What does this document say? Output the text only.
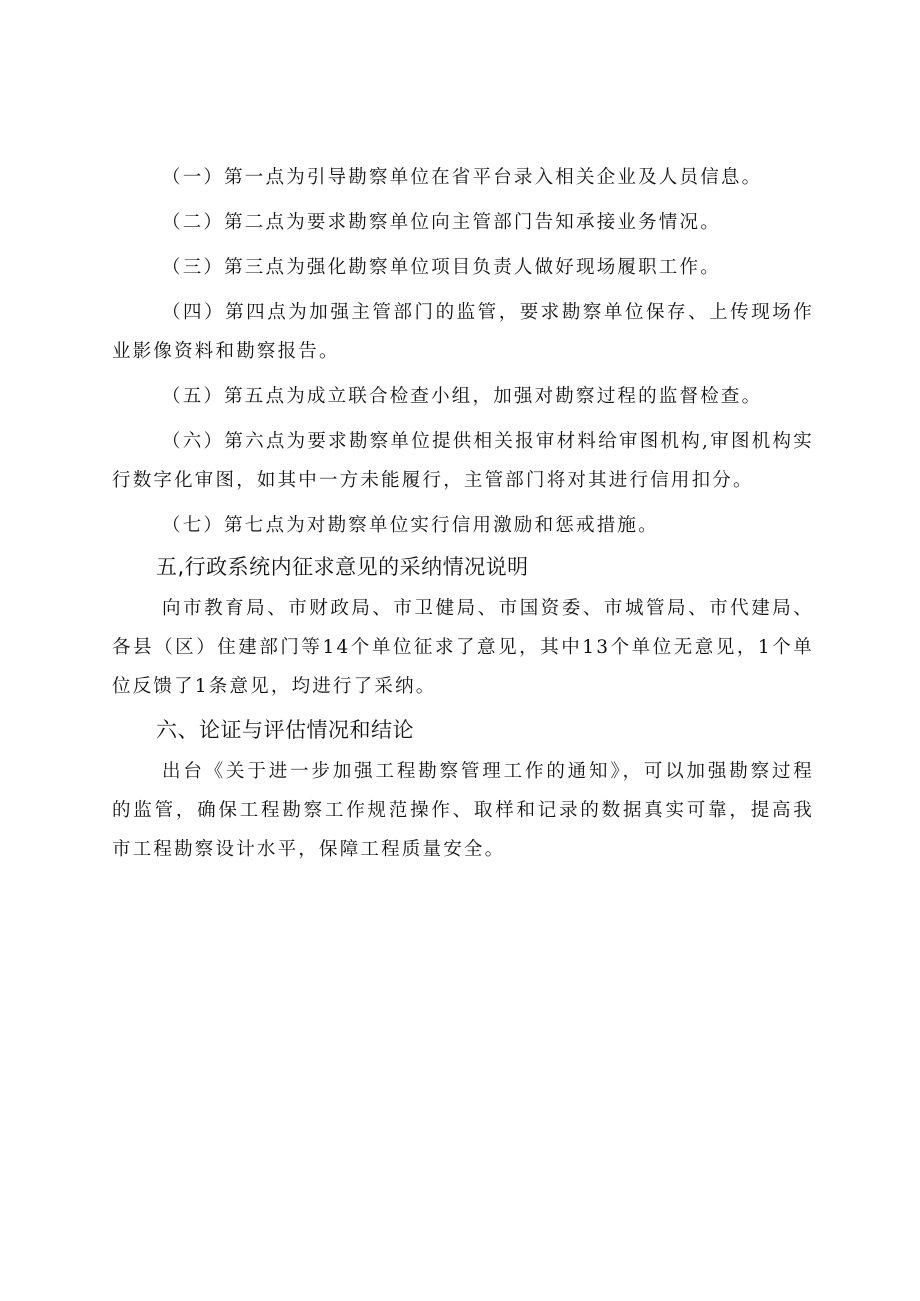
（一）第一点为引导勘察单位在省平台录入相关企业及人员信息。

（二）第二点为要求勘察单位向主管部门告知承接业务情况。

（三）第三点为强化勘察单位项目负责人做好现场履职工作。

（四）第四点为加强主管部门的监管，要求勘察单位保存、上传现场作业影像资料和勘察报告。

（五）第五点为成立联合检查小组，加强对勘察过程的监督检查。

（六）第六点为要求勘察单位提供相关报审材料给审图机构,审图机构实行数字化审图，如其中一方未能履行，主管部门将对其进行信用扣分。

（七）第七点为对勘察单位实行信用激励和惩戒措施。

五,行政系统内征求意见的采纳情况说明

向市教育局、市财政局、市卫健局、市国资委、市城管局、市代建局、各县（区）住建部门等14个单位征求了意见，其中13个单位无意见，1个单位反馈了1条意见，均进行了采纳。

六、论证与评估情况和结论

出台《关于进一步加强工程勘察管理工作的通知》，可以加强勘察过程的监管，确保工程勘察工作规范操作、取样和记录的数据真实可靠，提高我市工程勘察设计水平，保障工程质量安全。
